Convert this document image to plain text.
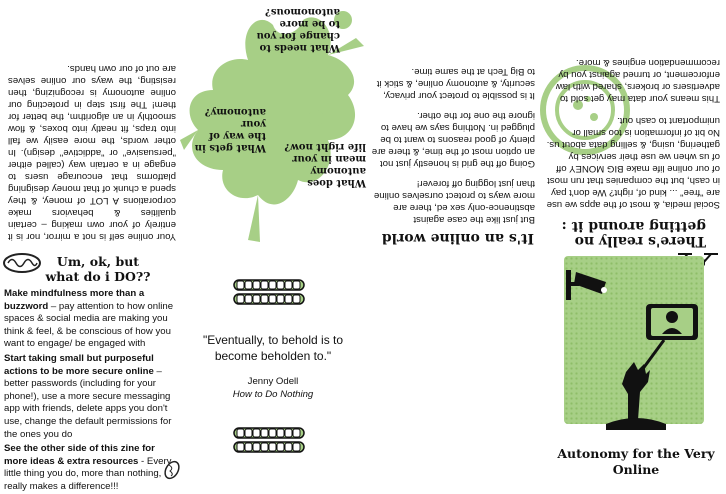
Your online self is not a mirror, nor is it entirely of your own making – certain qualities & behaviors make corporations A LOT of money, & they spend a chunk of that money designing platforms that encourage users to engage in a certain way (called either "persuasive" or "addictive" design). In other words, the more easily we fall into traps, fit neatly into boxes, & flow smoothly in an algorithm, the better for them! The first step in protecting our online autonomy is recognizing, then resisting, the ways our online selves are out of our own hands.
What does autonomy mean in your life right now?
What gets in the way of your autonomy?
What needs to change for you to be more autonomous?
It's an online world
But just like the case against abstinence-only sex ed, there are more ways to protect ourselves online than just logging off forever!
Going off the grid is honestly just not an option most of the time, & there are plenty of good reasons to want to be plugged in. Nothing says we have to ignore the one for the other.
It is possible to protect your privacy, security, & autonomy online, & stick it to Big Tech at the same time.
There's really no getting around it :
Social media, & most of the apps we use are "free" ... kind of, right? We don't pay in cash, but the companies that run most of our online life make BIG MONEY off of us when we use their services by gathering, using, & selling data about us. No bit of information is too small or unimportant to cash out.
This means your data may get sold to advertisers or brokers, shared with law enforcement, or turned against you by recommendation engines & more.
Um, ok, but what do i DO??
Make mindfulness more than a buzzword – pay attention to how online spaces & social media are making you think & feel, & be conscious of how you want to engage/ be engaged with
Start taking small but purposeful actions to be more secure online – better passwords (including for your phone!), use a more secure messaging app with friends, delete apps you don't use, change the default permissions for the ones you do
See the other side of this zine for more ideas & extra resources - Every little thing you do, more than nothing, really makes a difference!!!
"Eventually, to behold is to become beholden to."
Jenny Odell
How to Do Nothing
Autonomy for the Very Online
